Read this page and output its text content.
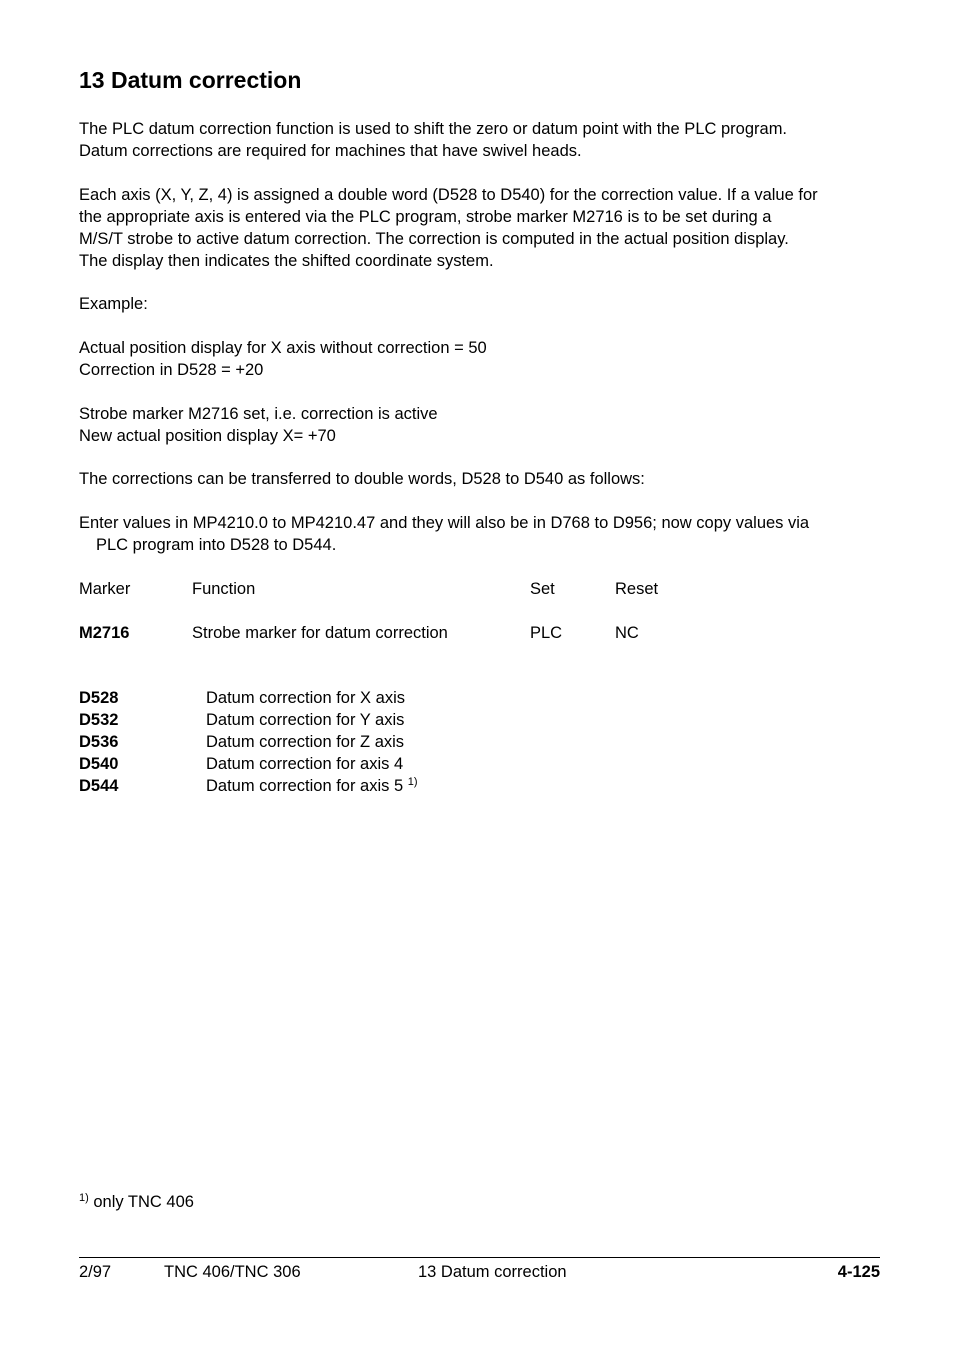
13 Datum correction
The PLC datum correction function is used to shift the zero or datum point with the PLC program.
Datum corrections are required for machines that have swivel heads.
Each axis (X, Y, Z, 4) is assigned a double word (D528 to D540) for the correction value. If a value for
the appropriate axis is entered via the PLC program, strobe marker M2716 is to be set during a
M/S/T strobe to active datum correction. The correction is computed in the actual position display.
The display then indicates the shifted coordinate system.
Example:
Actual position display for X axis without correction = 50
Correction in D528 = +20
Strobe marker M2716 set, i.e. correction is active
New actual position display X= +70
The corrections can be transferred to double words, D528 to D540 as follows:
Enter values in MP4210.0 to MP4210.47 and they will also be in D768 to D956; now copy values via
PLC program into D528 to D544.
Marker	Function	Set	Reset
M2716	Strobe marker for datum correction	PLC	NC
D528	Datum correction for X axis
D532	Datum correction for Y axis
D536	Datum correction for Z axis
D540	Datum correction for axis 4
D544	Datum correction for axis 5 $^{1)}$
$^{1)}$ only TNC 406
2/97	TNC 406/TNC 306	13 Datum correction	4-125
